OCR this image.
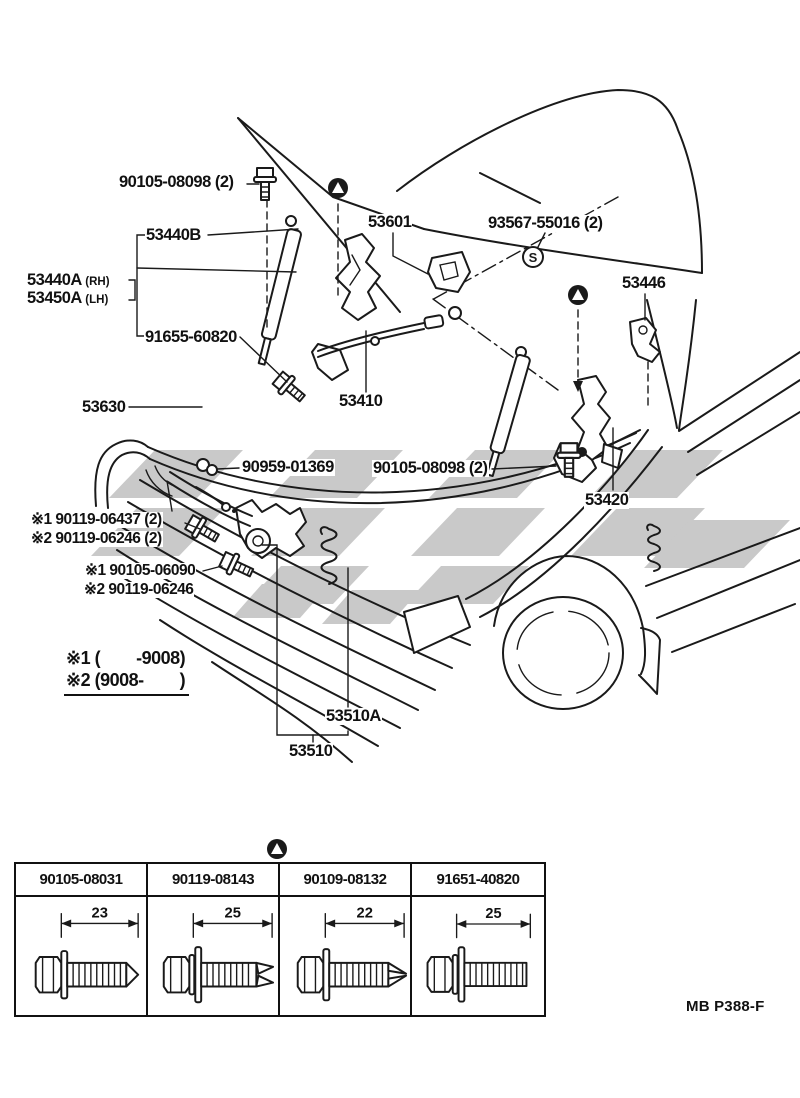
S
90105-08098 (2)
53440B
53440A (RH)
53450A (LH)
91655-60820
53601	93567-55016 (2)
53446
53630	53410
90959-01369 90105-08098 (2)
53420
※1 90119-06437 (2)
※2 90119-06246 (2)
※1 90105-06090
※2 90119-06246
※1 (        -9008)
※2 (9008-        )
53510A
53510
90105-08031	90119-08143	90109-08132	91651-40820
23	25	22	25
MB P388-F
